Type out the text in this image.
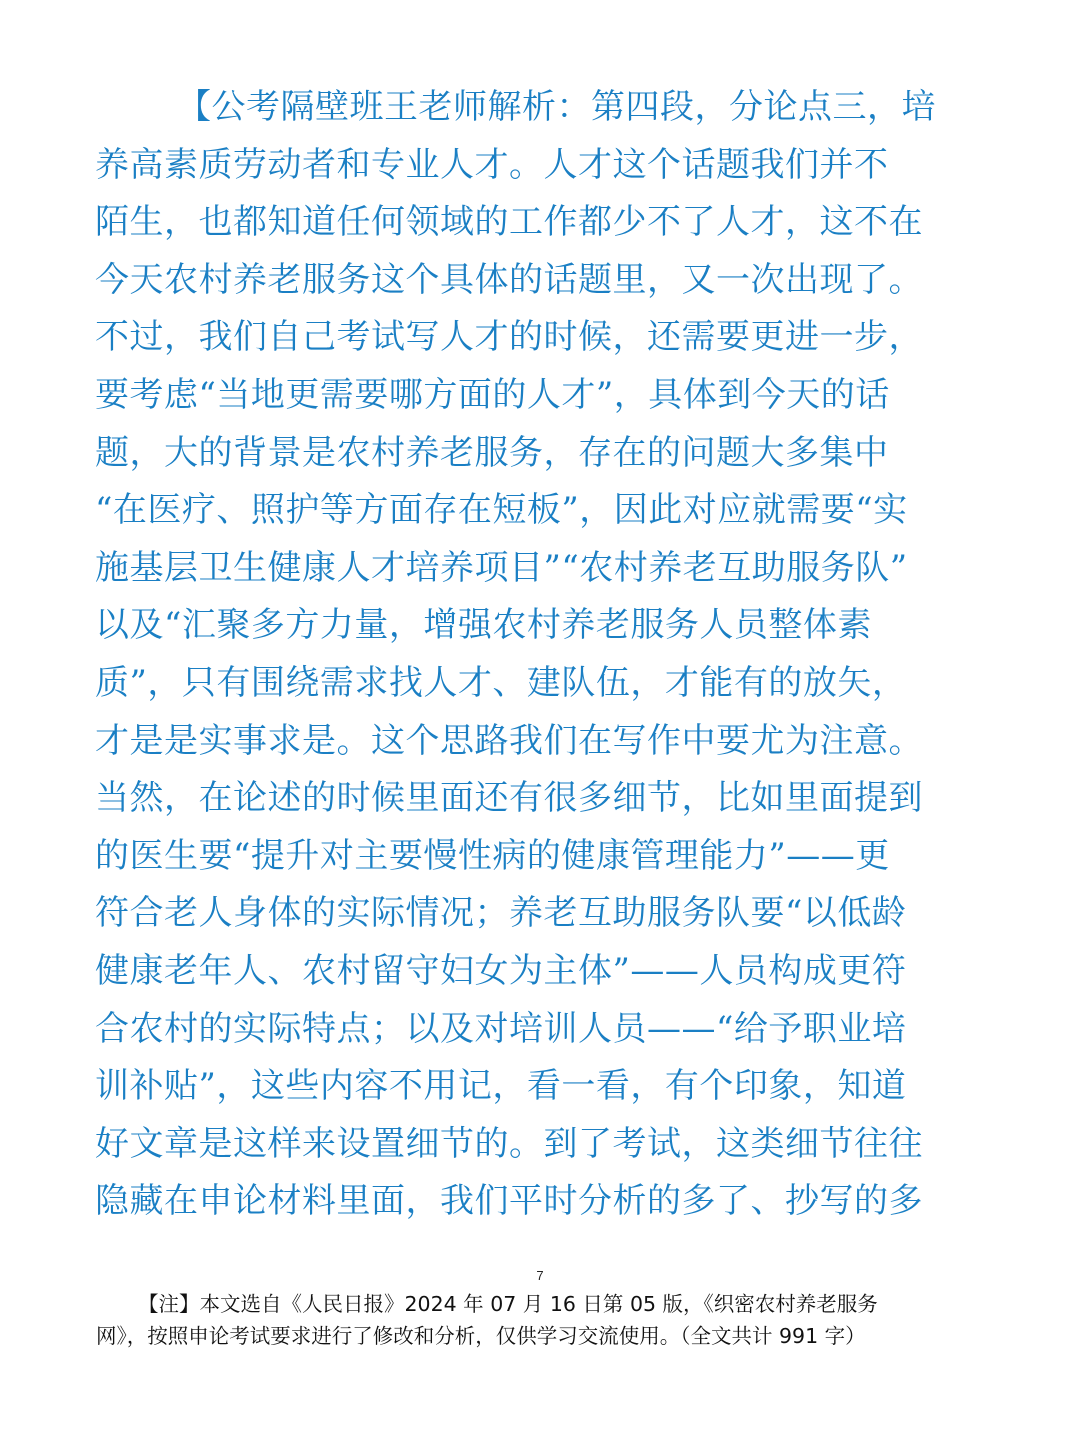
【公考隔壁班王老师解析：第四段，分论点三，培
养高素质劳动者和专业人才。人才这个话题我们并不
陌生，也都知道任何领域的工作都少不了人才，这不在
今天农村养老服务这个具体的话题里，又一次出现了。
不过，我们自己考试写人才的时候，还需要更进一步，
要考虑“当地更需要哪方面的人才”，具体到今天的话
题，大的背景是农村养老服务，存在的问题大多集中
“在医疗、照护等方面存在短板”，因此对应就需要“实
施基层卫生健康人才培养项目”“农村养老互助服务队”
以及“汇聚多方力量，增强农村养老服务人员整体素
质”，只有围绕需求找人才、建队伍，才能有的放矢，
才是是实事求是。这个思路我们在写作中要尤为注意。
当然，在论述的时候里面还有很多细节，比如里面提到
的医生要“提升对主要慢性病的健康管理能力”——更
符合老人身体的实际情况；养老互助服务队要“以低龄
健康老年人、农村留守妇女为主体”——人员构成更符
合农村的实际特点；以及对培训人员——“给予职业培
训补贴”，这些内容不用记，看一看，有个印象，知道
好文章是这样来设置细节的。到了考试，这类细节往往
隐藏在申论材料里面，我们平时分析的多了、抄写的多
7
【注】本文选自《人民日报》2024 年 07 月 16 日第 05 版，《织密农村养老服务
网》，按照申论考试要求进行了修改和分析，仅供学习交流使用。（全文共计 991 字）
